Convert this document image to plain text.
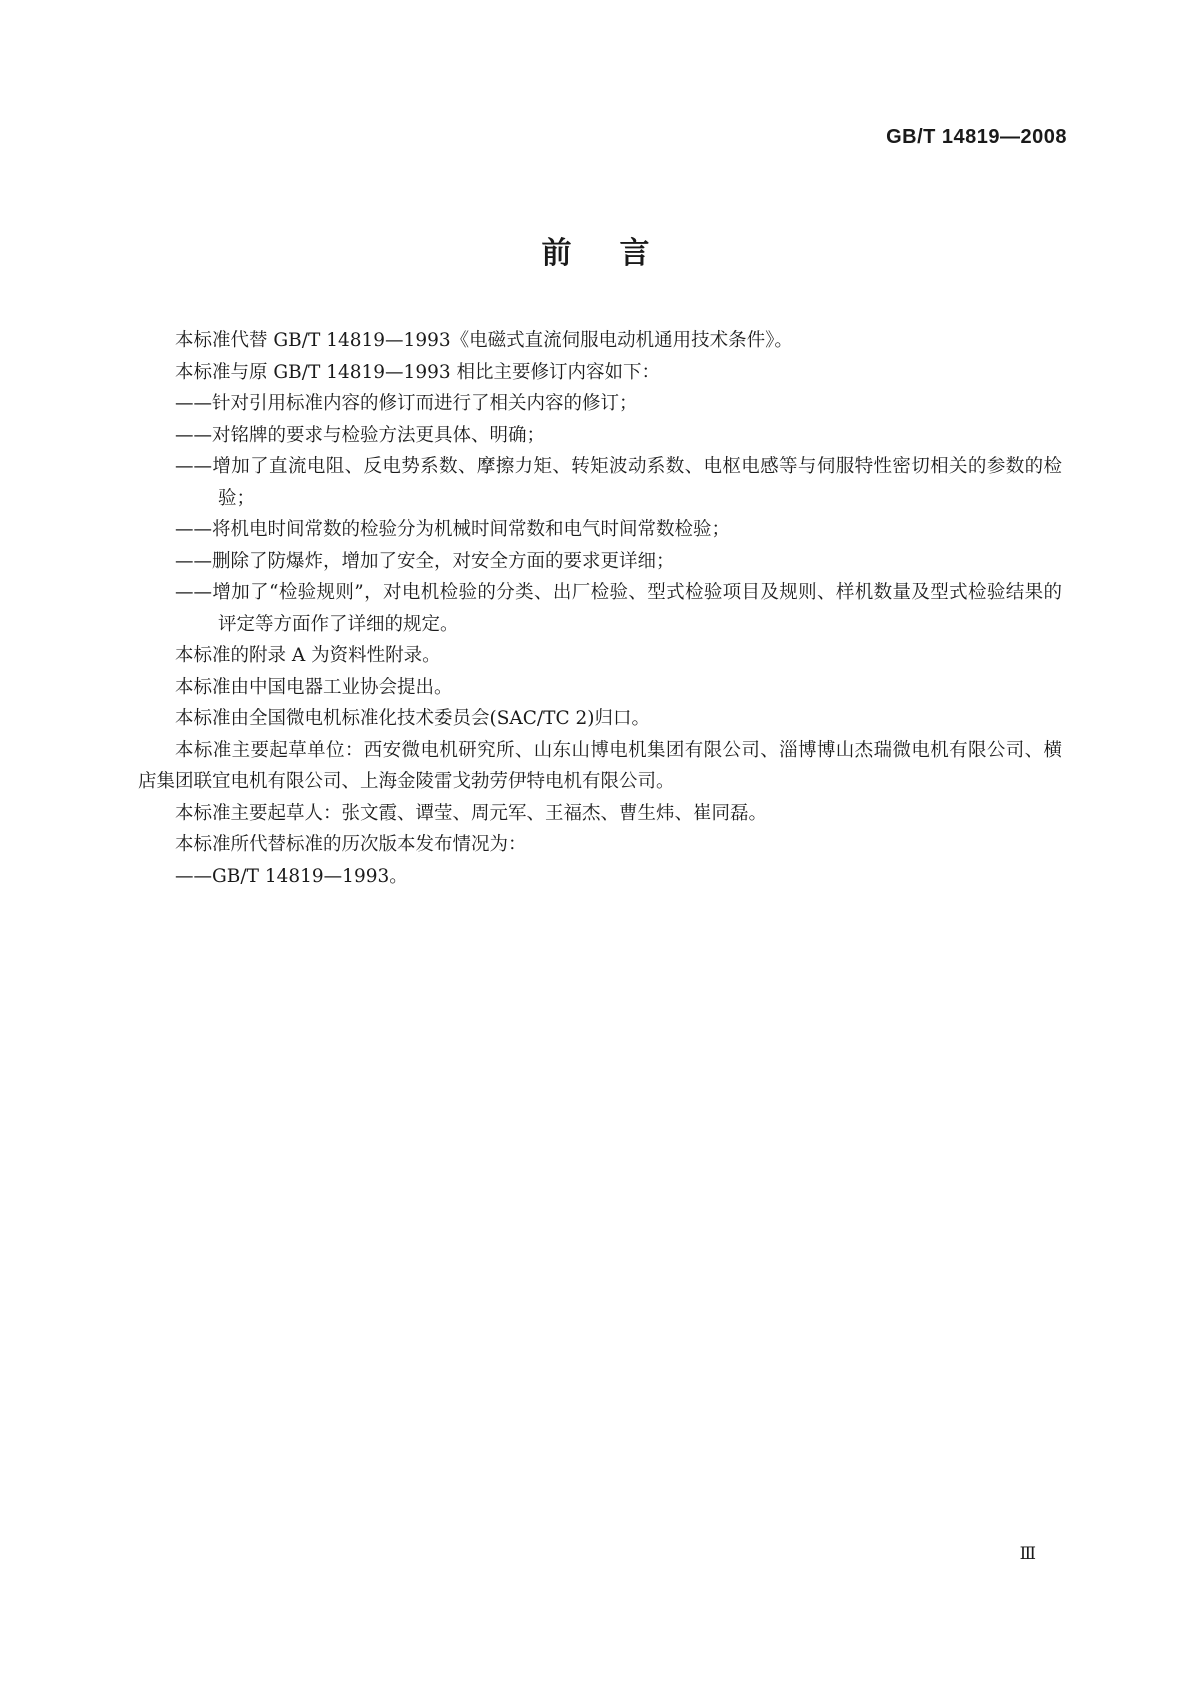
GB/T 14819—2008
前言

本标准代替 GB/T 14819—1993《电磁式直流伺服电动机通用技术条件》。

本标准与原 GB/T 14819—1993 相比主要修订内容如下：

——针对引用标准内容的修订而进行了相关内容的修订；

——对铭牌的要求与检验方法更具体、明确；

——增加了直流电阻、反电势系数、摩擦力矩、转矩波动系数、电枢电感等与伺服特性密切相关的参数的检验；

——将机电时间常数的检验分为机械时间常数和电气时间常数检验；

——删除了防爆炸，增加了安全，对安全方面的要求更详细；

——增加了“检验规则”，对电机检验的分类、出厂检验、型式检验项目及规则、样机数量及型式检验结果的评定等方面作了详细的规定。

本标准的附录 A 为资料性附录。

本标准由中国电器工业协会提出。

本标准由全国微电机标准化技术委员会(SAC/TC 2)归口。

本标准主要起草单位：西安微电机研究所、山东山博电机集团有限公司、淄博博山杰瑞微电机有限公司、横店集团联宜电机有限公司、上海金陵雷戈勃劳伊特电机有限公司。

本标准主要起草人：张文霞、谭莹、周元军、王福杰、曹生炜、崔同磊。

本标准所代替标准的历次版本发布情况为：

——GB/T 14819—1993。

Ⅲ
